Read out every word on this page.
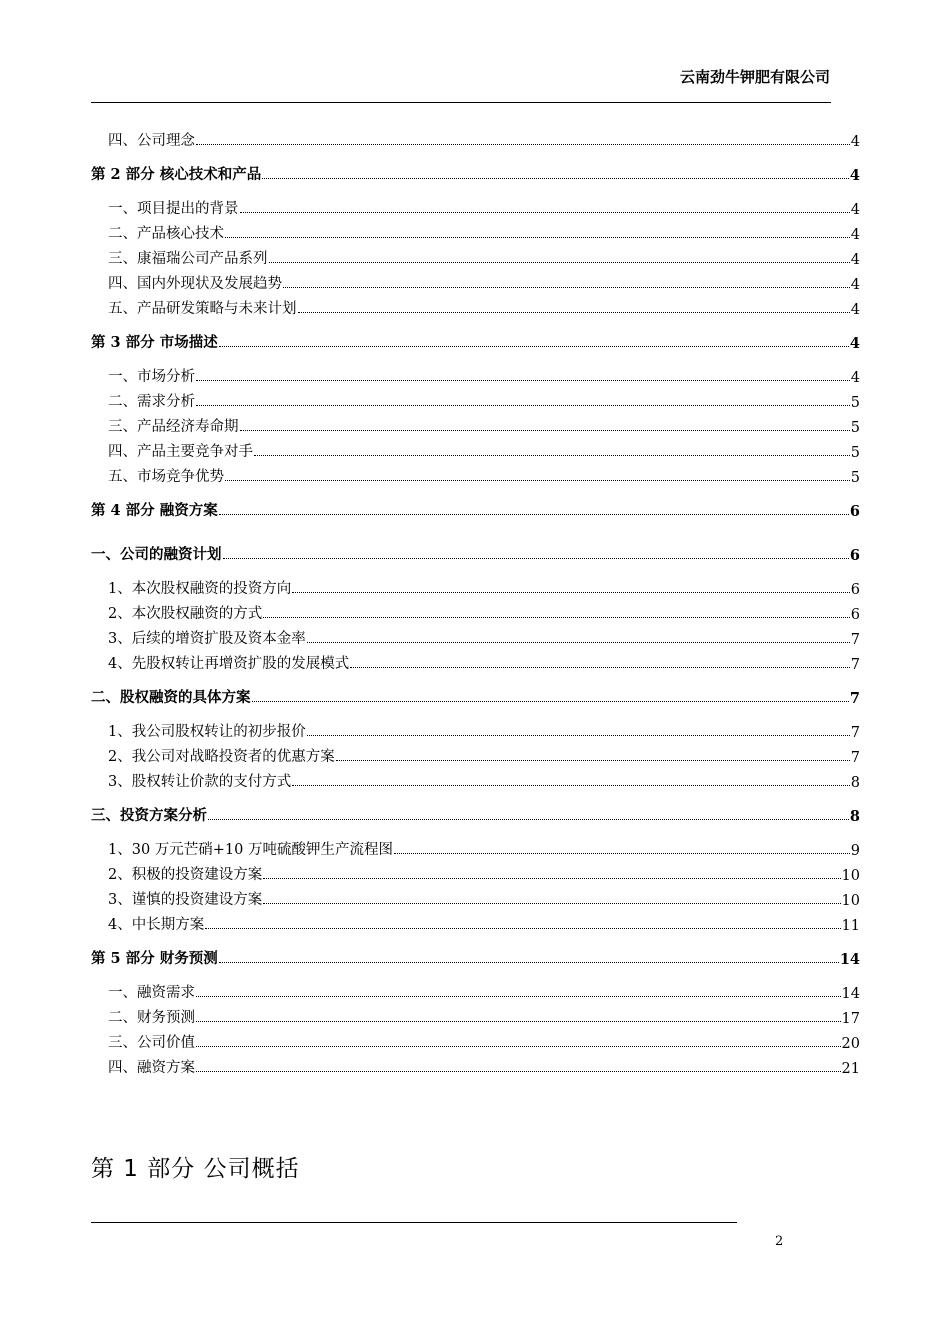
云南劲牛钾肥有限公司
四、公司理念	4
第 2 部分 核心技术和产品	4
一、项目提出的背景	4
二、产品核心技术	4
三、康福瑞公司产品系列	4
四、国内外现状及发展趋势	4
五、产品研发策略与未来计划	4
第 3 部分 市场描述	4
一、市场分析	4
二、需求分析	5
三、产品经济寿命期	5
四、产品主要竞争对手	5
五、市场竞争优势	5
第 4 部分 融资方案	6
一、公司的融资计划	6
1、本次股权融资的投资方向	6
2、本次股权融资的方式	6
3、后续的增资扩股及资本金率	7
4、先股权转让再增资扩股的发展模式	7
二、股权融资的具体方案	7
1、我公司股权转让的初步报价	7
2、我公司对战略投资者的优惠方案	7
3、股权转让价款的支付方式	8
三、投资方案分析	8
1、30 万元芒硝+10 万吨硫酸钾生产流程图	9
2、积极的投资建设方案	10
3、谨慎的投资建设方案	10
4、中长期方案	11
第 5 部分 财务预测	14
一、融资需求	14
二、财务预测	17
三、公司价值	20
四、融资方案	21
第 1 部分 公司概括
2
